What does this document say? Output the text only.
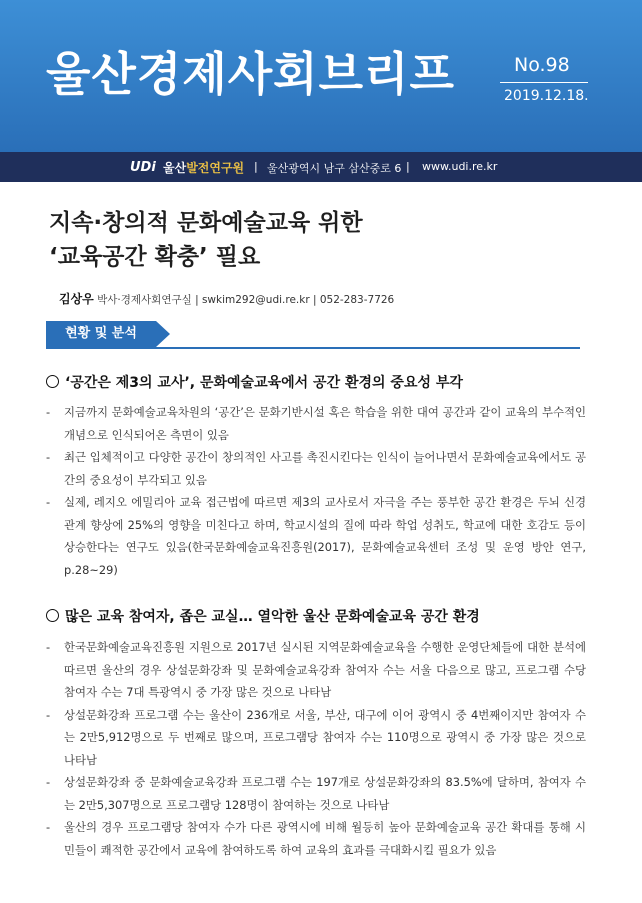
울산경제사회브리프	No.98
2019.12.18.
UDi 울산발전연구원 | 울산광역시 남구 삼산중로 6 | www.udi.re.kr
지속·창의적 문화예술교육 위한
‘교육공간 확충’ 필요
김상우 박사·경제사회연구실 | swkim292@udi.re.kr | 052-283-7726
현황 및 분석
‘공간은 제3의 교사’, 문화예술교육에서 공간 환경의 중요성 부각
- 지금까지 문화예술교육차원의 ‘공간’은 문화기반시설 혹은 학습을 위한 대여 공간과 같이 교육의 부수적인 개념으로 인식되어온 측면이 있음
- 최근 입체적이고 다양한 공간이 창의적인 사고를 촉진시킨다는 인식이 늘어나면서 문화예술교육에서도 공간의 중요성이 부각되고 있음
- 실제, 레지오 에밀리아 교육 접근법에 따르면 제3의 교사로서 자극을 주는 풍부한 공간 환경은 두뇌 신경 관계 향상에 25%의 영향을 미친다고 하며, 학교시설의 질에 따라 학업 성취도, 학교에 대한 호감도 등이 상승한다는 연구도 있음(한국문화예술교육진흥원(2017), 문화예술교육센터 조성 및 운영 방안 연구, p.28~29)
많은 교육 참여자, 좁은 교실… 열악한 울산 문화예술교육 공간 환경
- 한국문화예술교육진흥원 지원으로 2017년 실시된 지역문화예술교육을 수행한 운영단체들에 대한 분석에 따르면 울산의 경우 상설문화강좌 및 문화예술교육강좌 참여자 수는 서울 다음으로 많고, 프로그램 수당 참여자 수는 7대 특광역시 중 가장 많은 것으로 나타남
- 상설문화강좌 프로그램 수는 울산이 236개로 서울, 부산, 대구에 이어 광역시 중 4번째이지만 참여자 수는 2만5,912명으로 두 번째로 많으며, 프로그램당 참여자 수는 110명으로 광역시 중 가장 많은 것으로 나타남
- 상설문화강좌 중 문화예술교육강좌 프로그램 수는 197개로 상설문화강좌의 83.5%에 달하며, 참여자 수는 2만5,307명으로 프로그램당 128명이 참여하는 것으로 나타남
- 울산의 경우 프로그램당 참여자 수가 다른 광역시에 비해 월등히 높아 문화예술교육 공간 확대를 통해 시민들이 쾌적한 공간에서 교육에 참여하도록 하여 교육의 효과를 극대화시킬 필요가 있음
